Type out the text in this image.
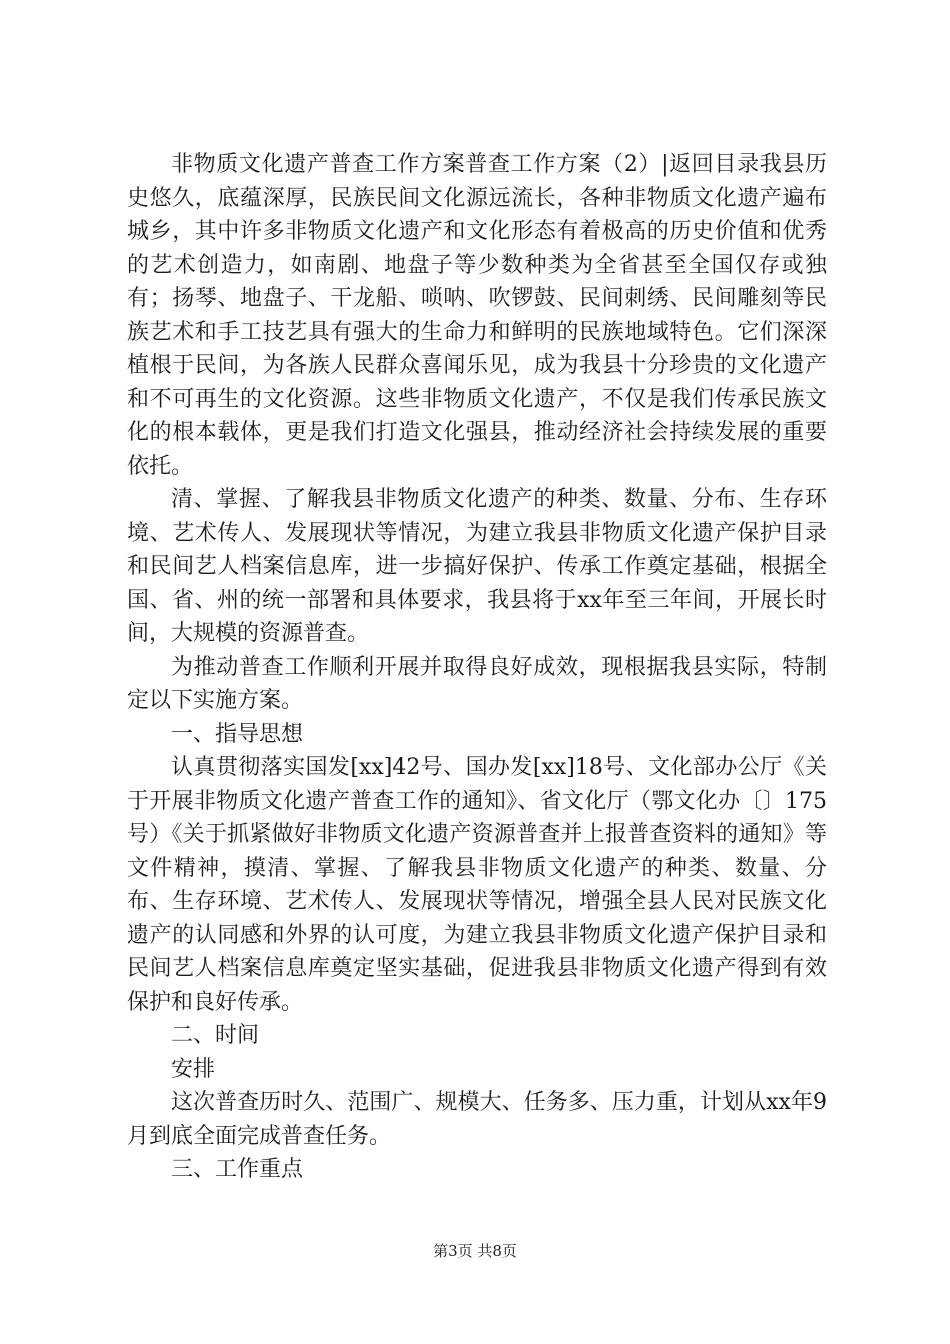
非物质文化遗产普查工作方案普查工作方案（2）|返回目录我县历史悠久，底蕴深厚，民族民间文化源远流长，各种非物质文化遗产遍布城乡，其中许多非物质文化遗产和文化形态有着极高的历史价值和优秀的艺术创造力，如南剧、地盘子等少数种类为全省甚至全国仅存或独有；扬琴、地盘子、干龙船、唢呐、吹锣鼓、民间刺绣、民间雕刻等民族艺术和手工技艺具有强大的生命力和鲜明的民族地域特色。它们深深植根于民间，为各族人民群众喜闻乐见，成为我县十分珍贵的文化遗产和不可再生的文化资源。这些非物质文化遗产，不仅是我们传承民族文化的根本载体，更是我们打造文化强县，推动经济社会持续发展的重要依托。

清、掌握、了解我县非物质文化遗产的种类、数量、分布、生存环境、艺术传人、发展现状等情况，为建立我县非物质文化遗产保护目录和民间艺人档案信息库，进一步搞好保护、传承工作奠定基础，根据全国、省、州的统一部署和具体要求，我县将于xx年至三年间，开展长时间，大规模的资源普查。

为推动普查工作顺利开展并取得良好成效，现根据我县实际，特制定以下实施方案。

一、指导思想

认真贯彻落实国发[xx]42号、国办发[xx]18号、文化部办公厅《关于开展非物质文化遗产普查工作的通知》、省文化厅（鄂文化办〔〕175号）《关于抓紧做好非物质文化遗产资源普查并上报普查资料的通知》等文件精神，摸清、掌握、了解我县非物质文化遗产的种类、数量、分布、生存环境、艺术传人、发展现状等情况，增强全县人民对民族文化遗产的认同感和外界的认可度，为建立我县非物质文化遗产保护目录和民间艺人档案信息库奠定坚实基础，促进我县非物质文化遗产得到有效保护和良好传承。

二、时间

安排

这次普查历时久、范围广、规模大、任务多、压力重，计划从xx年9月到底全面完成普查任务。

三、工作重点

第3页 共8页
